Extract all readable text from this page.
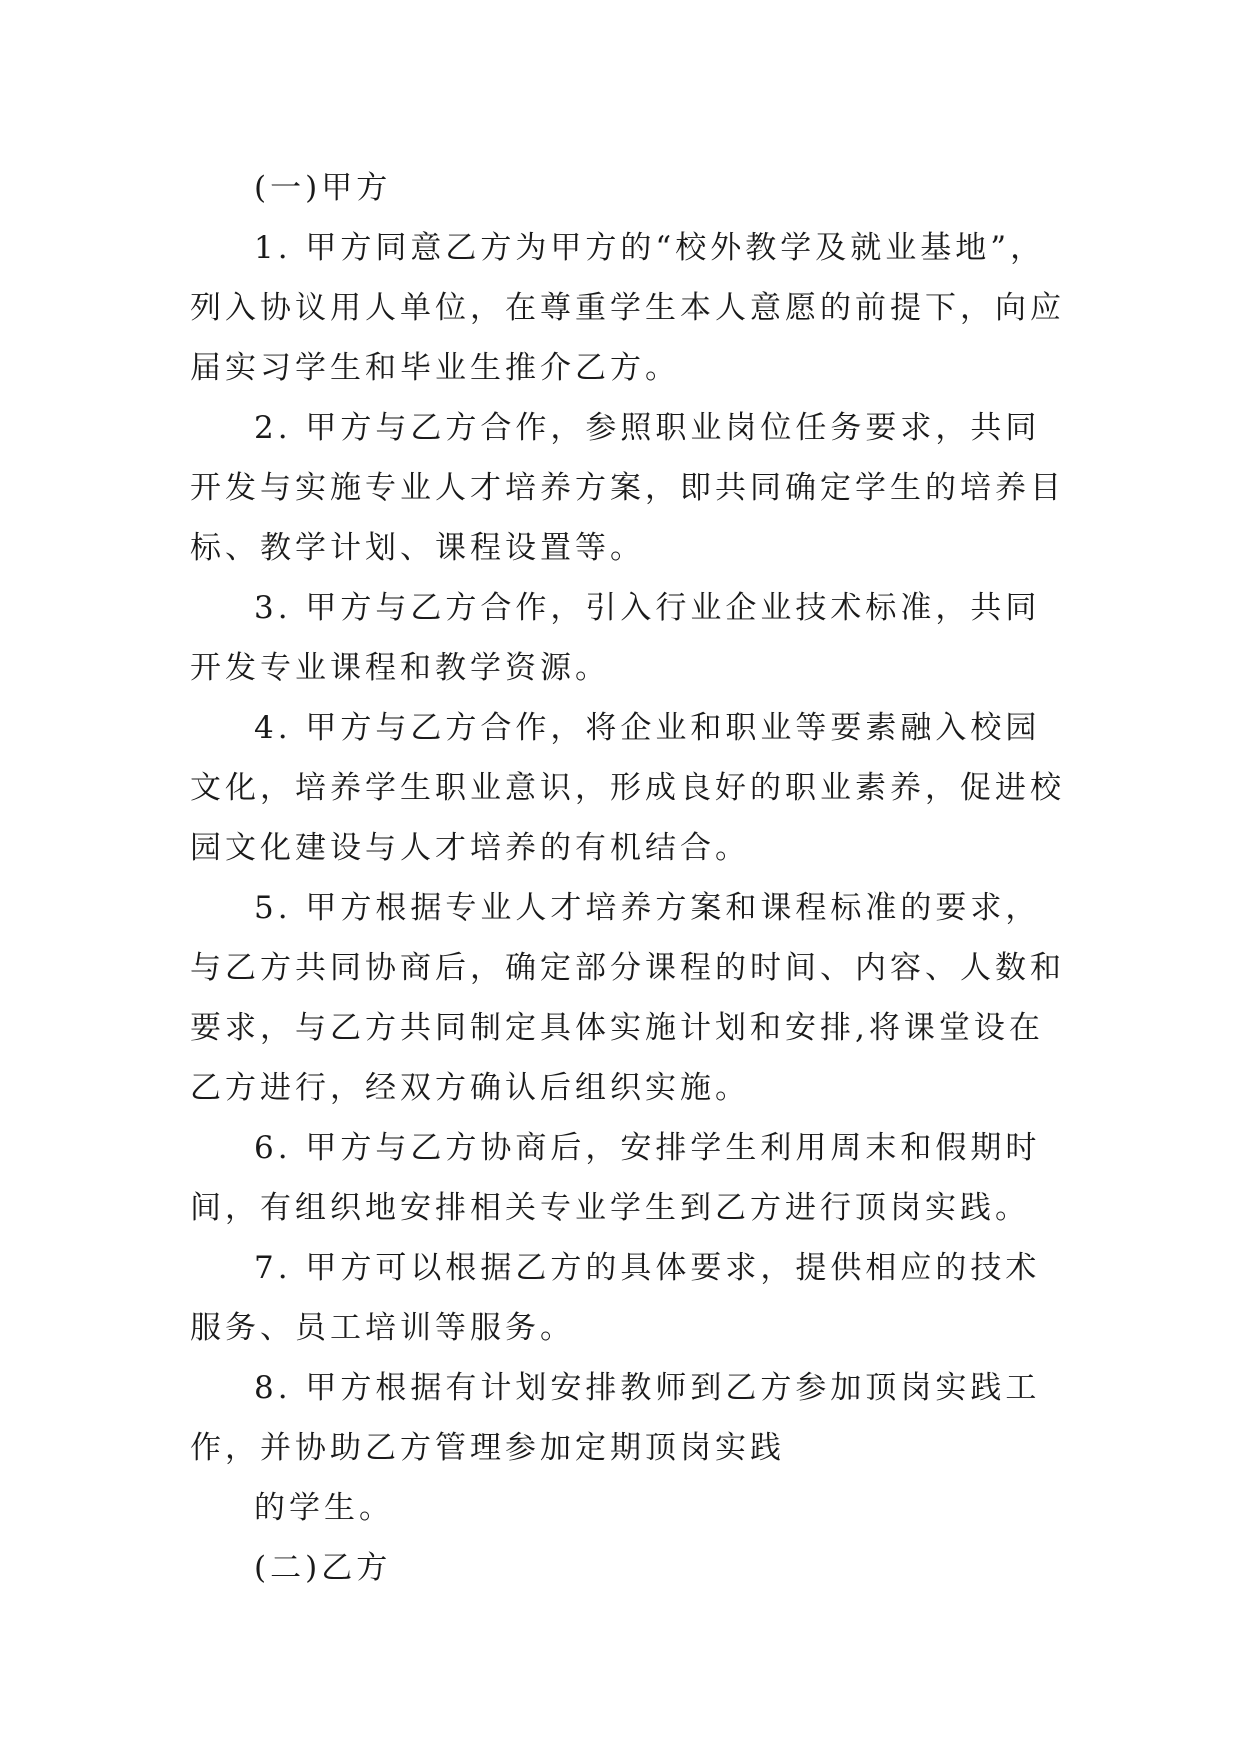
(一)甲方

1. 甲方同意乙方为甲方的“校外教学及就业基地”，列入协议用人单位，在尊重学生本人意愿的前提下，向应届实习学生和毕业生推介乙方。

2. 甲方与乙方合作，参照职业岗位任务要求，共同开发与实施专业人才培养方案，即共同确定学生的培养目标、教学计划、课程设置等。

3. 甲方与乙方合作，引入行业企业技术标准，共同开发专业课程和教学资源。

4. 甲方与乙方合作，将企业和职业等要素融入校园文化，培养学生职业意识，形成良好的职业素养，促进校园文化建设与人才培养的有机结合。

5. 甲方根据专业人才培养方案和课程标准的要求，与乙方共同协商后，确定部分课程的时间、内容、人数和要求，与乙方共同制定具体实施计划和安排,将课堂设在乙方进行，经双方确认后组织实施。

6. 甲方与乙方协商后，安排学生利用周末和假期时间，有组织地安排相关专业学生到乙方进行顶岗实践。

7. 甲方可以根据乙方的具体要求，提供相应的技术服务、员工培训等服务。

8. 甲方根据有计划安排教师到乙方参加顶岗实践工作，并协助乙方管理参加定期顶岗实践

的学生。

(二)乙方
